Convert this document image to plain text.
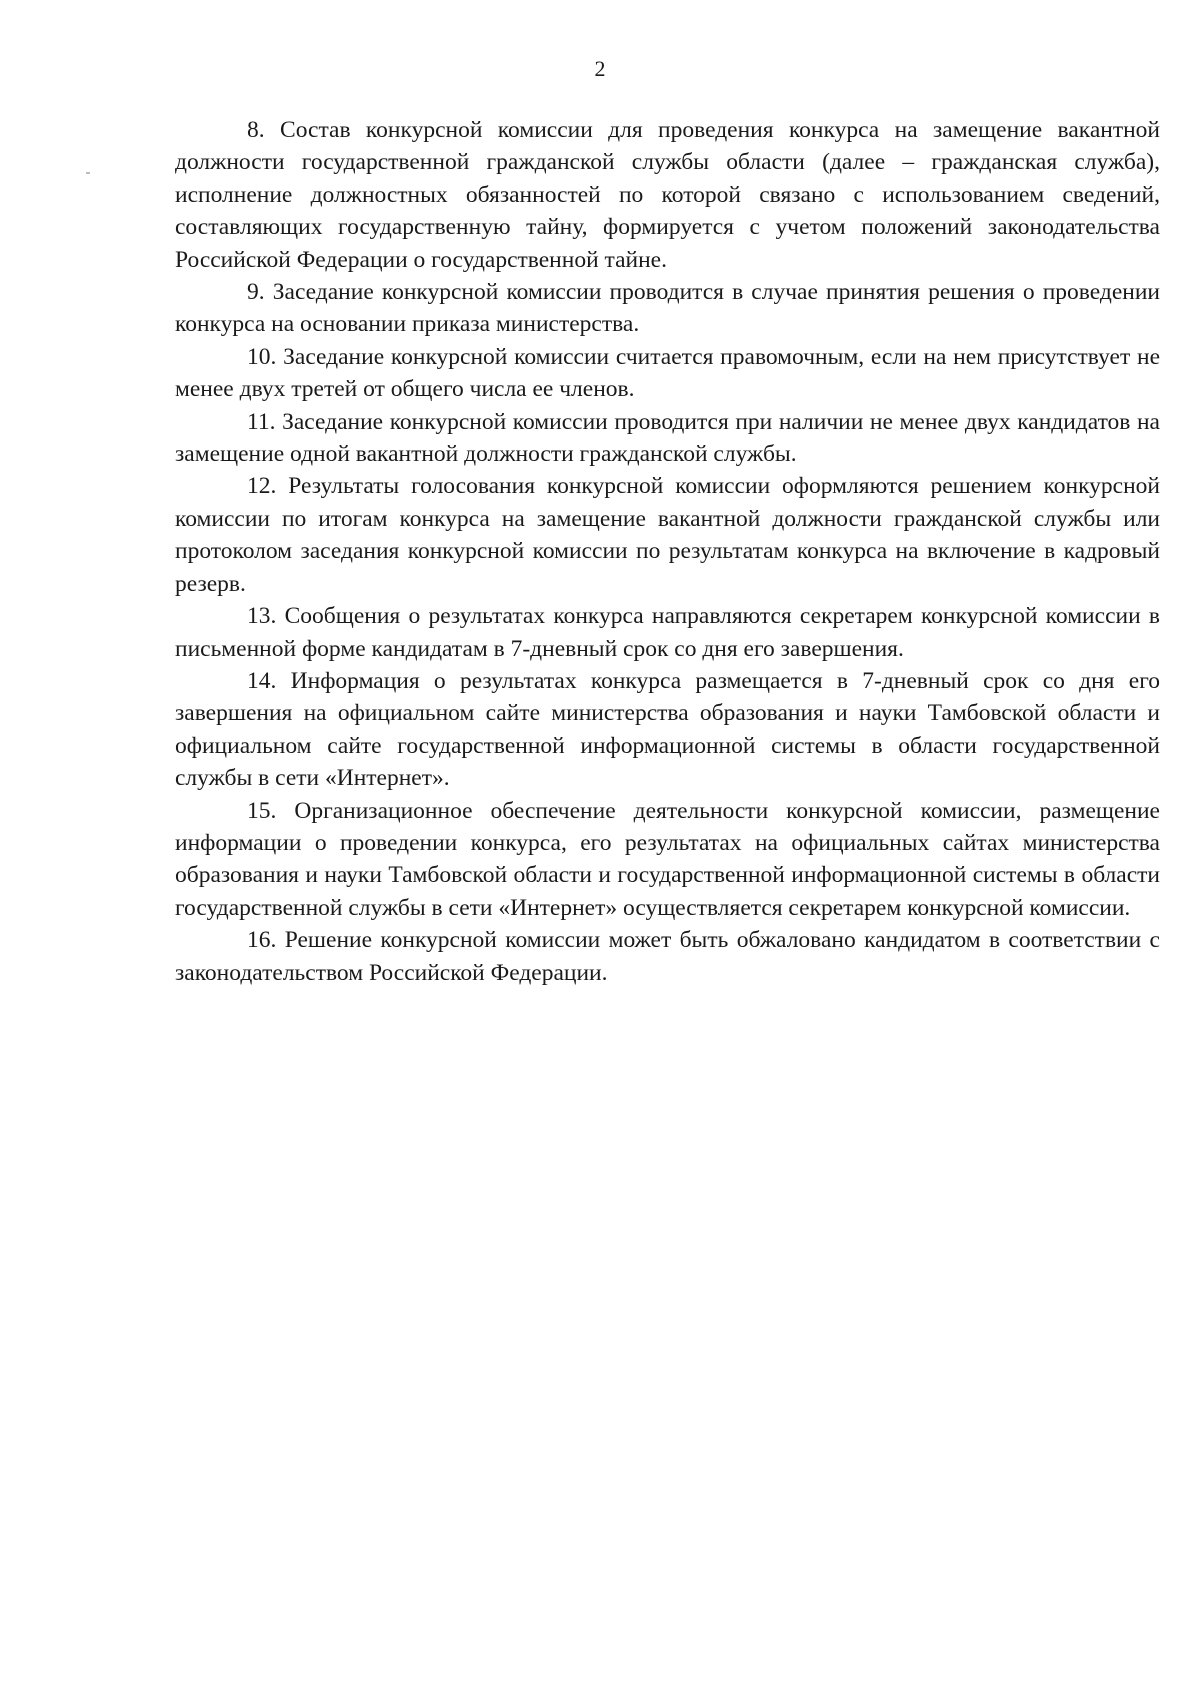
2

8. Состав конкурсной комиссии для проведения конкурса на замещение вакантной должности государственной гражданской службы области (далее – гражданская служба), исполнение должностных обязанностей по которой связано с использованием сведений, составляющих государственную тайну, формируется с учетом положений законодательства Российской Федерации о государственной тайне.

9. Заседание конкурсной комиссии проводится в случае принятия решения о проведении конкурса на основании приказа министерства.

10. Заседание конкурсной комиссии считается правомочным, если на нем присутствует не менее двух третей от общего числа ее членов.

11. Заседание конкурсной комиссии проводится при наличии не менее двух кандидатов на замещение одной вакантной должности гражданской службы.

12. Результаты голосования конкурсной комиссии оформляются решением конкурсной комиссии по итогам конкурса на замещение вакантной должности гражданской службы или протоколом заседания конкурсной комиссии по результатам конкурса на включение в кадровый резерв.

13. Сообщения о результатах конкурса направляются секретарем конкурсной комиссии в письменной форме кандидатам в 7-дневный срок со дня его завершения.

14. Информация о результатах конкурса размещается в 7-дневный срок со дня его завершения на официальном сайте министерства образования и науки Тамбовской области и официальном сайте государственной информационной системы в области государственной службы в сети «Интернет».

15. Организационное обеспечение деятельности конкурсной комиссии, размещение информации о проведении конкурса, его результатах на официальных сайтах министерства образования и науки Тамбовской области и государственной информационной системы в области государственной службы в сети «Интернет» осуществляется секретарем конкурсной комиссии.

16. Решение конкурсной комиссии может быть обжаловано кандидатом в соответствии с законодательством Российской Федерации.
